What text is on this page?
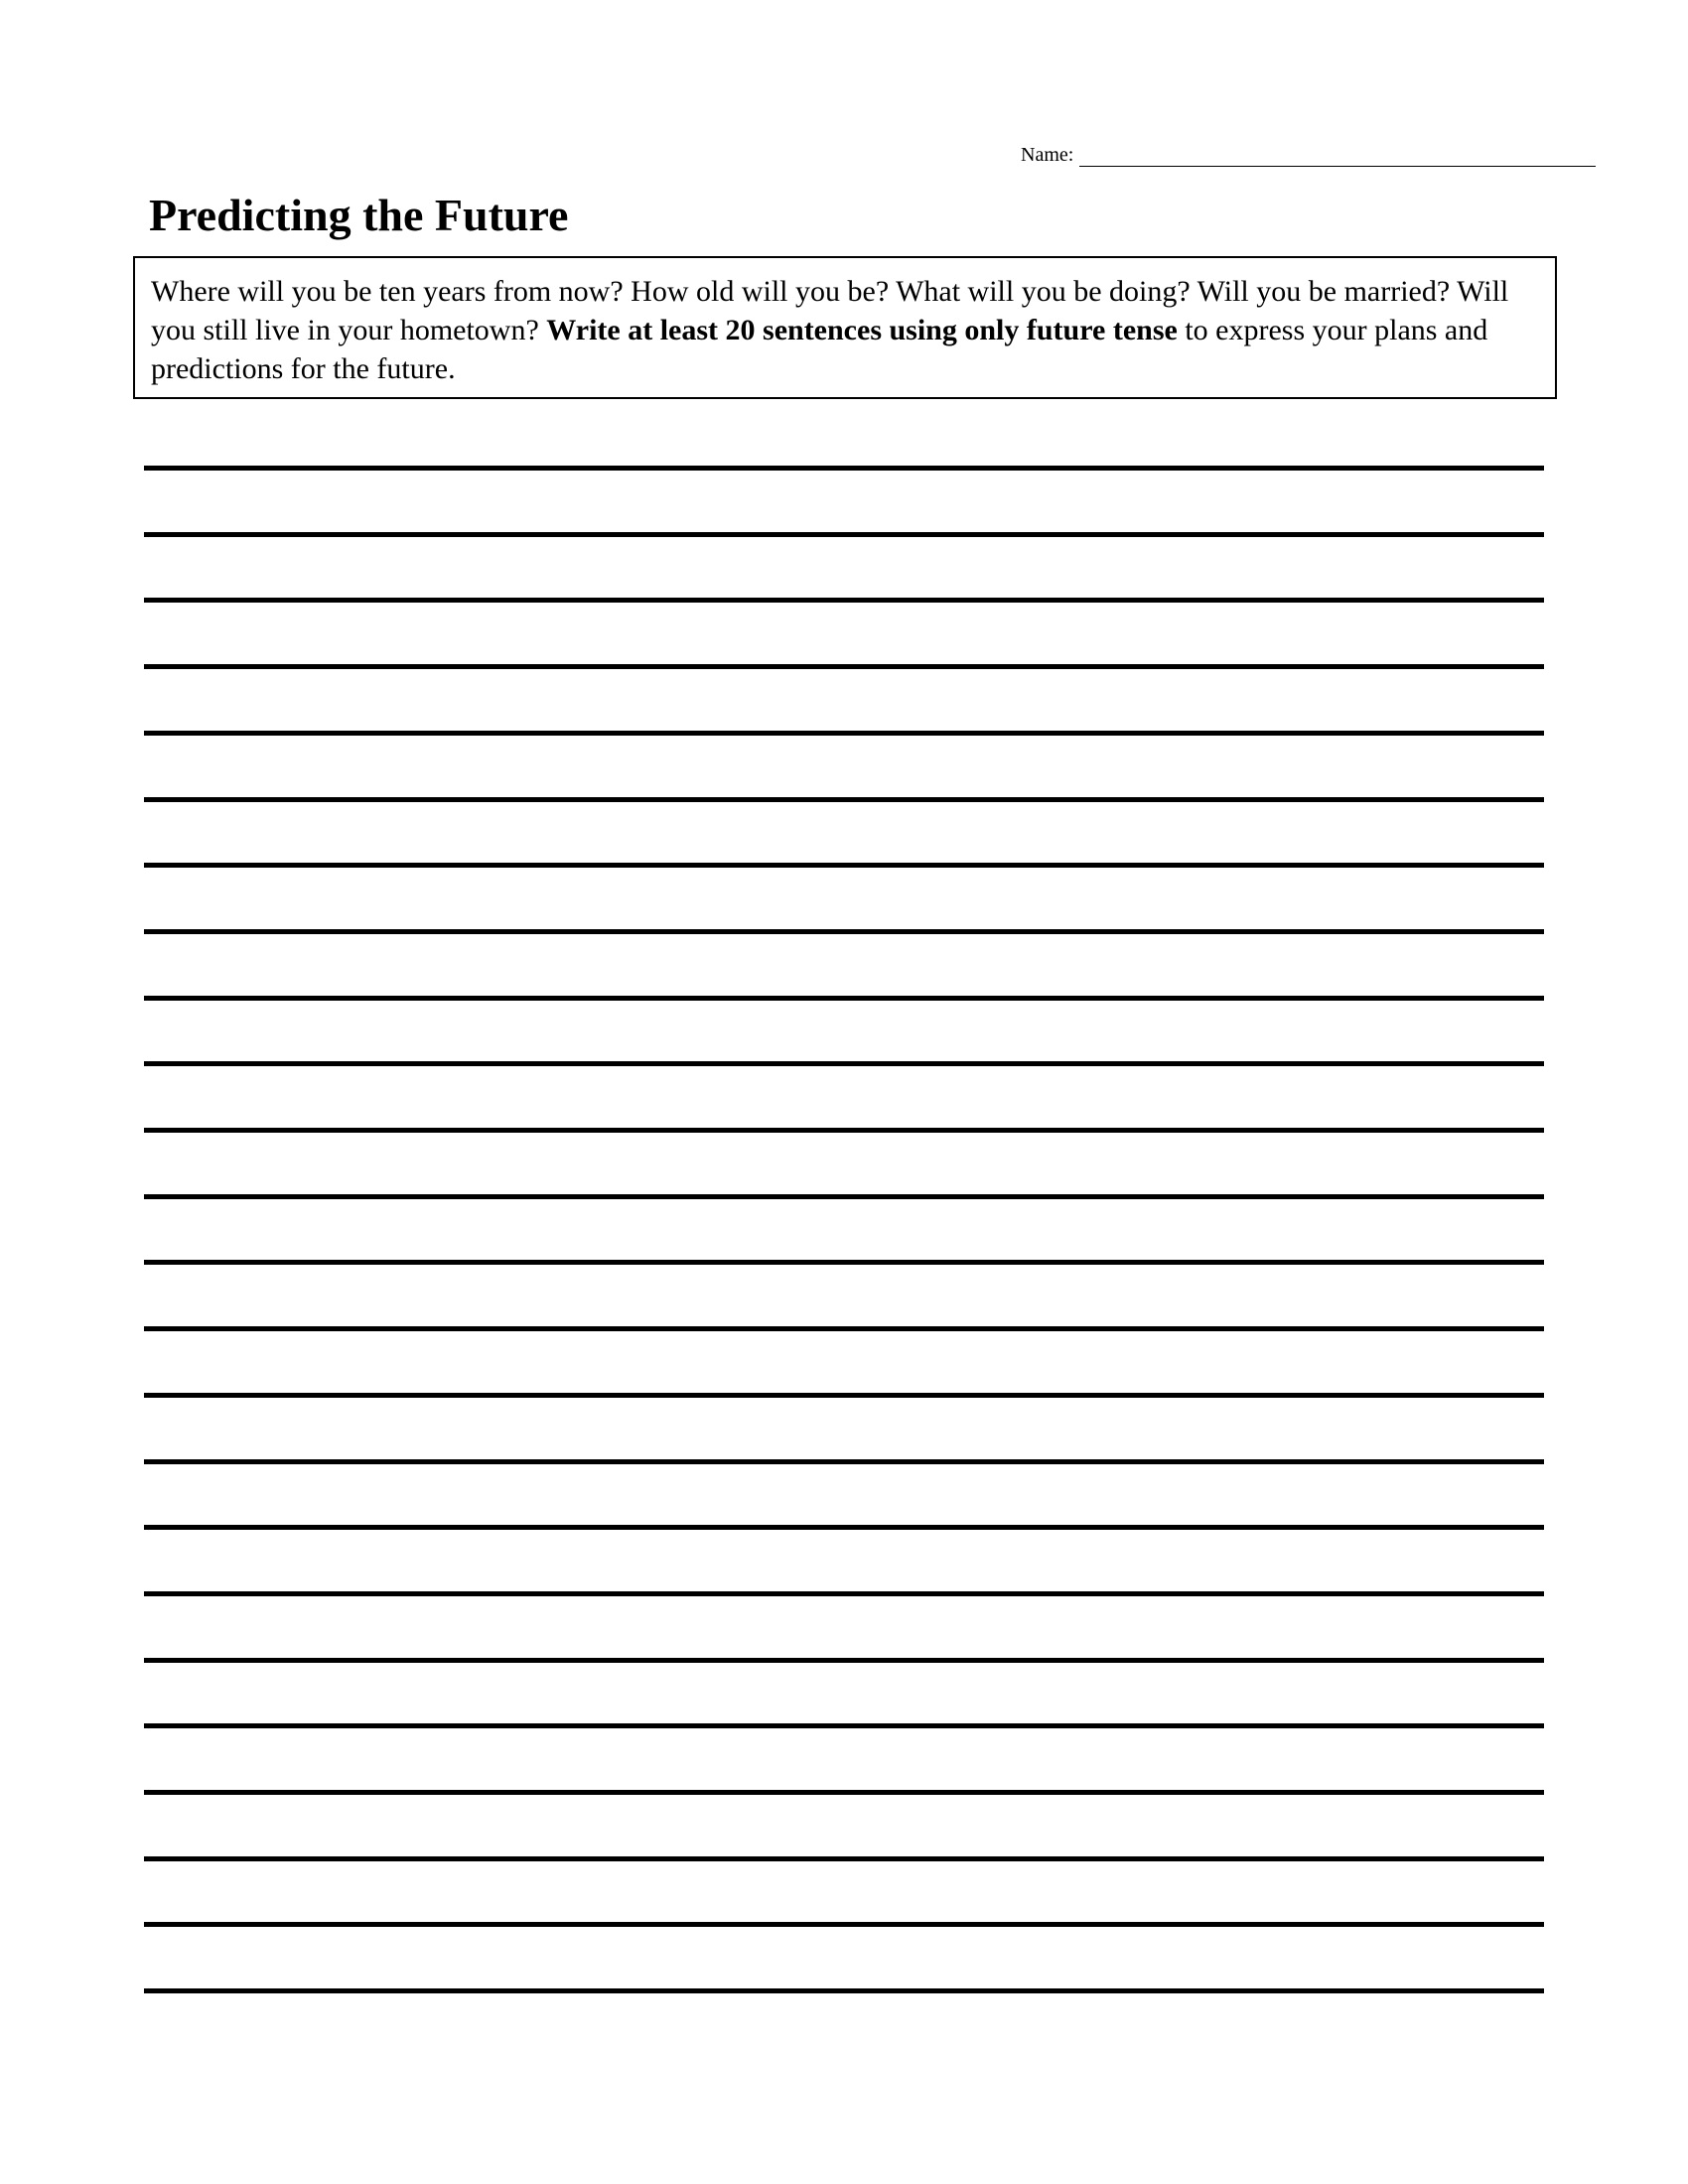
Name:
Predicting the Future
Where will you be ten years from now? How old will you be? What will you be doing? Will you be married? Will you still live in your hometown? Write at least 20 sentences using only future tense to express your plans and predictions for the future.
